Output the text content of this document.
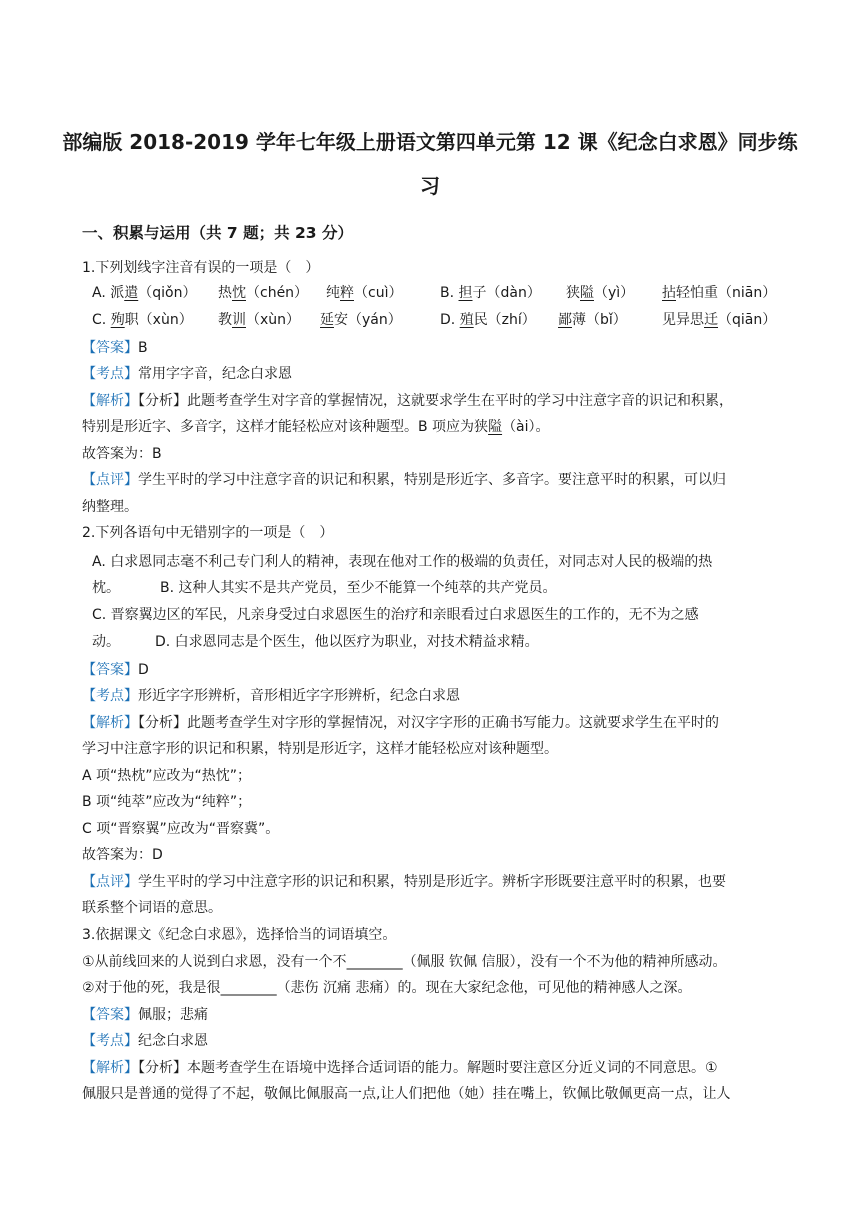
部编版 2018-2019 学年七年级上册语文第四单元第 12 课《纪念白求恩》同步练
习
一、积累与运用（共 7 题；共 23 分）
1.下列划线字注音有误的一项是（　）
A. 派遣（qiǒn） 热忱（chén） 纯粹（cuì）	B. 担子（dàn） 狭隘（yì） 拈轻怕重（niān）
C. 殉职（xùn） 教训（xùn） 延安（yán）	D. 殖民（zhí） 鄙薄（bǐ）	见异思迁（qiān）
【答案】B
【考点】常用字字音，纪念白求恩
【解析】【分析】此题考查学生对字音的掌握情况，这就要求学生在平时的学习中注意字音的识记和积累，
特别是形近字、多音字，这样才能轻松应对该种题型。B 项应为狭隘（ài）。
故答案为：B
【点评】学生平时的学习中注意字音的识记和积累，特别是形近字、多音字。要注意平时的积累，可以归
纳整理。
2.下列各语句中无错别字的一项是（　）
A. 白求恩同志毫不利己专门利人的精神，表现在他对工作的极端的负责任，对同志对人民的极端的热
枕。	B. 这种人其实不是共产党员，至少不能算一个纯萃的共产党员。
C. 晋察翼边区的军民，凡亲身受过白求恩医生的治疗和亲眼看过白求恩医生的工作的，无不为之感
动。	D. 白求恩同志是个医生，他以医疗为职业，对技术精益求精。
【答案】D
【考点】形近字字形辨析，音形相近字字形辨析，纪念白求恩
【解析】【分析】此题考查学生对字形的掌握情况，对汉字字形的正确书写能力。这就要求学生在平时的
学习中注意字形的识记和积累，特别是形近字，这样才能轻松应对该种题型。
A 项“热枕”应改为“热忱”；
B 项“纯萃”应改为“纯粹”；
C 项“晋察翼”应改为“晋察冀”。
故答案为：D
【点评】学生平时的学习中注意字形的识记和积累，特别是形近字。辨析字形既要注意平时的积累，也要
联系整个词语的意思。
3.依据课文《纪念白求恩》，选择恰当的词语填空。
①从前线回来的人说到白求恩，没有一个不________（佩服 钦佩 信服），没有一个不为他的精神所感动。
②对于他的死，我是很________（悲伤 沉痛 悲痛）的。现在大家纪念他，可见他的精神感人之深。
【答案】佩服；悲痛
【考点】纪念白求恩
【解析】【分析】本题考查学生在语境中选择合适词语的能力。解题时要注意区分近义词的不同意思。①
佩服只是普通的觉得了不起，敬佩比佩服高一点,让人们把他（她）挂在嘴上，钦佩比敬佩更高一点，让人
